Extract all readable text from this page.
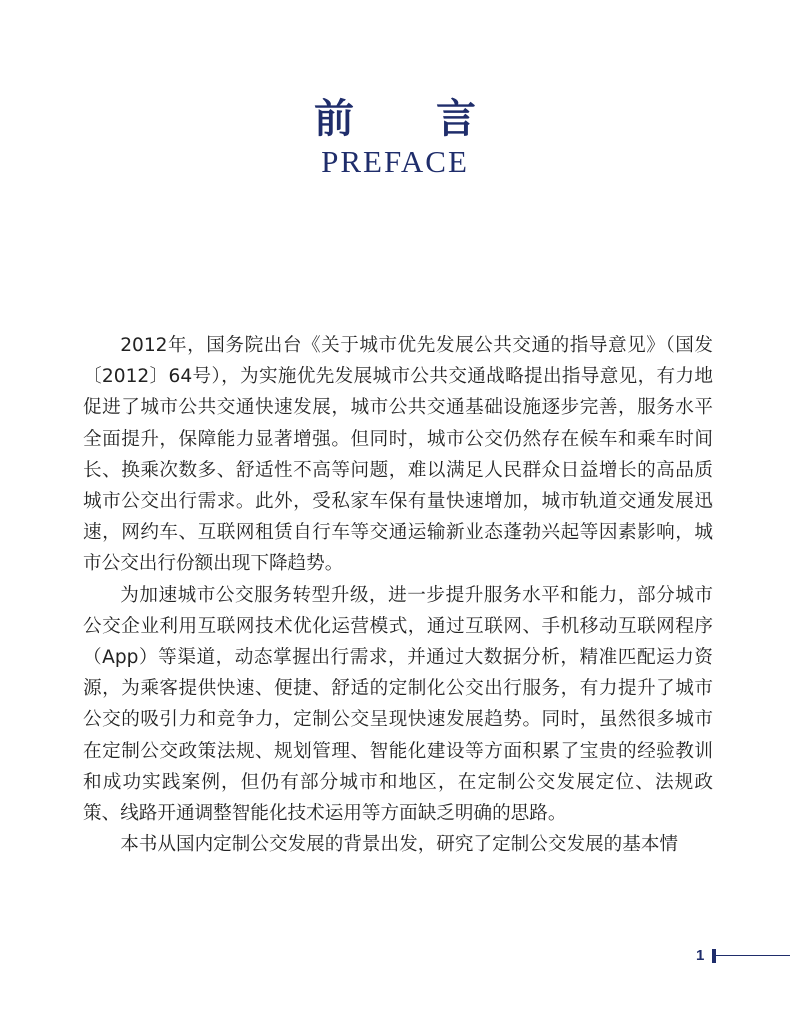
前 言
PREFACE

2012年，国务院出台《关于城市优先发展公共交通的指导意见》（国发〔2012〕64号），为实施优先发展城市公共交通战略提出指导意见，有力地促进了城市公共交通快速发展，城市公共交通基础设施逐步完善，服务水平全面提升，保障能力显著增强。但同时，城市公交仍然存在候车和乘车时间长、换乘次数多、舒适性不高等问题，难以满足人民群众日益增长的高品质城市公交出行需求。此外，受私家车保有量快速增加，城市轨道交通发展迅速，网约车、互联网租赁自行车等交通运输新业态蓬勃兴起等因素影响，城市公交出行份额出现下降趋势。

为加速城市公交服务转型升级，进一步提升服务水平和能力，部分城市公交企业利用互联网技术优化运营模式，通过互联网、手机移动互联网程序（App）等渠道，动态掌握出行需求，并通过大数据分析，精准匹配运力资源，为乘客提供快速、便捷、舒适的定制化公交出行服务，有力提升了城市公交的吸引力和竞争力，定制公交呈现快速发展趋势。同时，虽然很多城市在定制公交政策法规、规划管理、智能化建设等方面积累了宝贵的经验教训和成功实践案例，但仍有部分城市和地区，在定制公交发展定位、法规政策、线路开通调整智能化技术运用等方面缺乏明确的思路。

本书从国内定制公交发展的背景出发，研究了定制公交发展的基本情

1
